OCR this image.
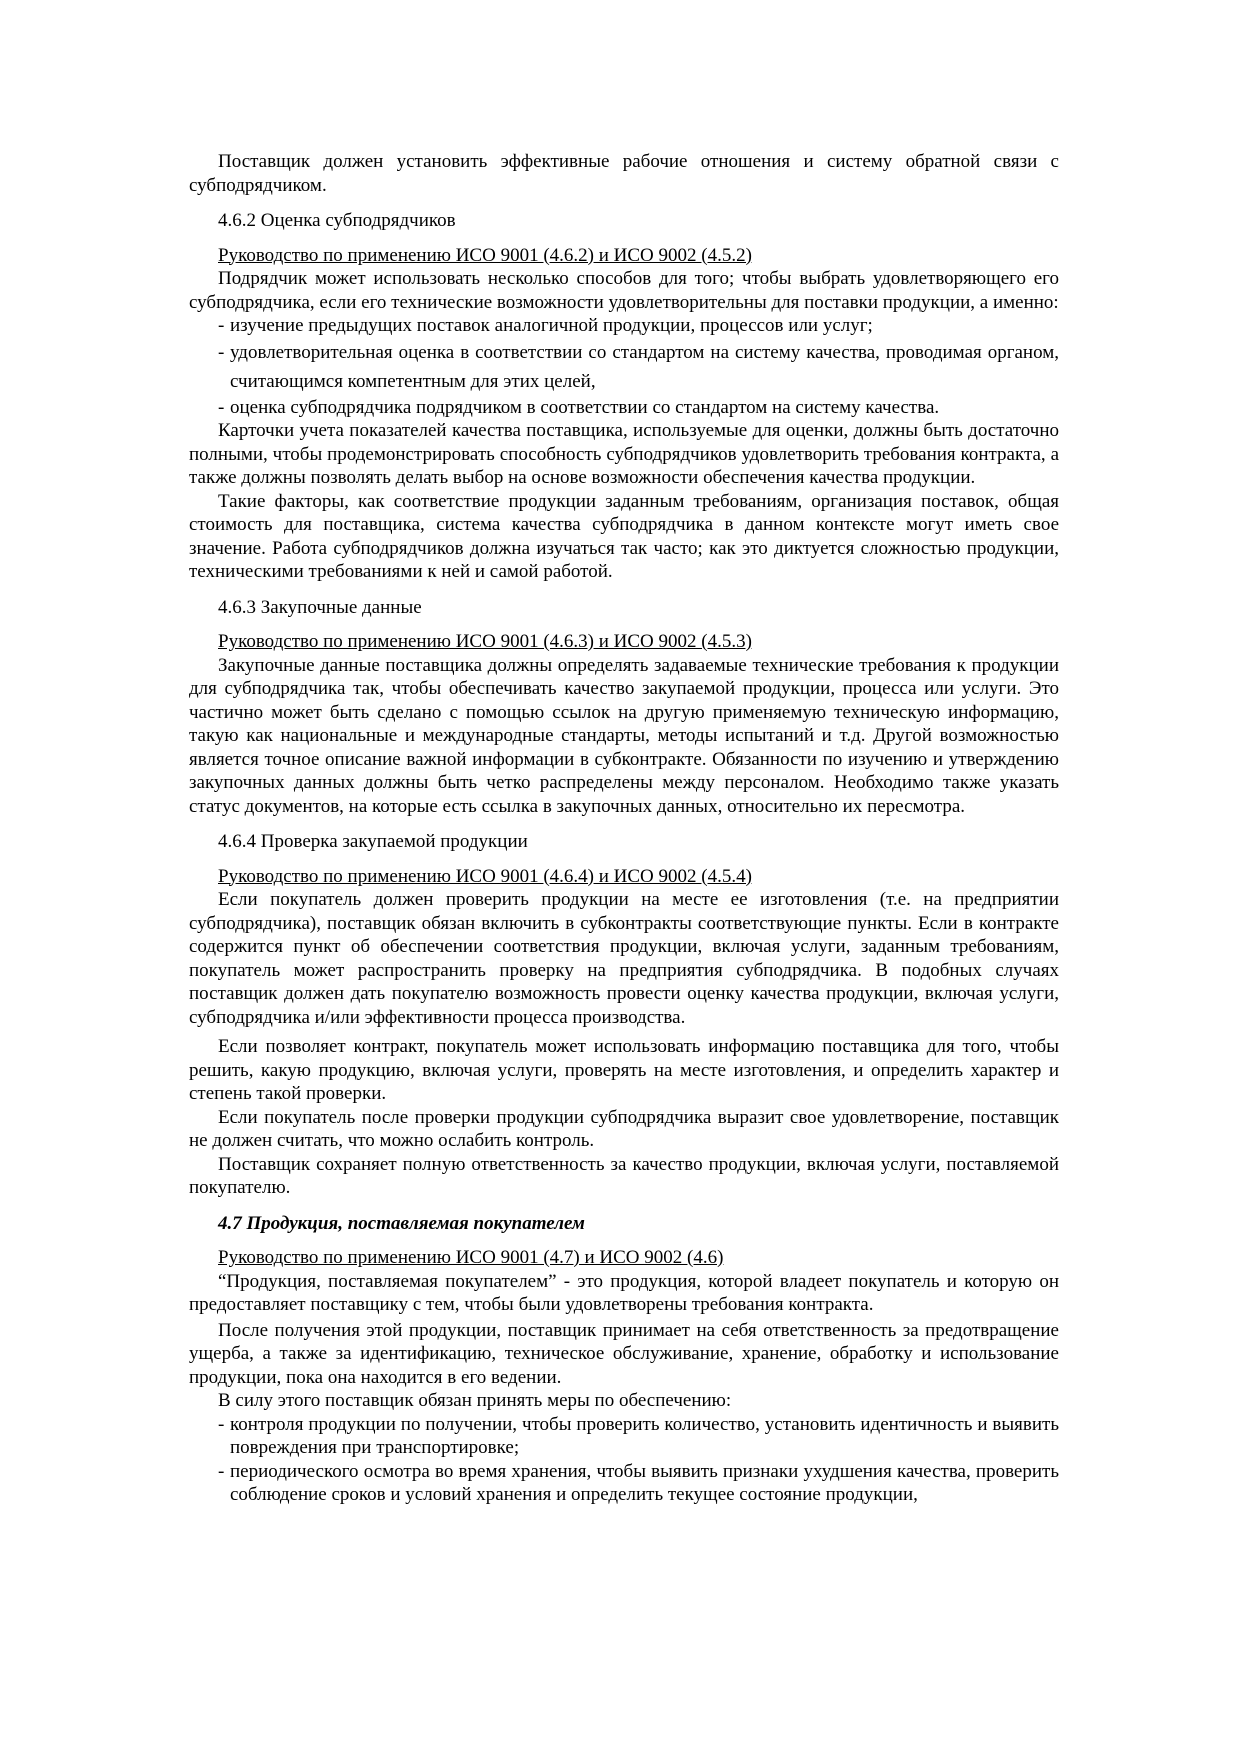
Поставщик должен установить эффективные рабочие отношения и систему обратной связи с субподрядчиком.

4.6.2 Оценка субподрядчиков

Руководство по применению ИСО 9001 (4.6.2) и ИСО 9002 (4.5.2)

Подрядчик может использовать несколько способов для того; чтобы выбрать удовлетворяющего его субподрядчика, если его технические возможности удовлетворительны для поставки продукции, а именно:

- изучение предыдущих поставок аналогичной продукции, процессов или услуг;
- удовлетворительная оценка в соответствии со стандартом на систему качества, проводимая органом, считающимся компетентным для этих целей,
- оценка субподрядчика подрядчиком в соответствии со стандартом на систему качества.

Карточки учета показателей качества поставщика, используемые для оценки, должны быть достаточно полными, чтобы продемонстрировать способность субподрядчиков удовлетворить требования контракта, а также должны позволять делать выбор на основе возможности обеспечения качества продукции.

Такие факторы, как соответствие продукции заданным требованиям, организация поставок, общая стоимость для поставщика, система качества субподрядчика в данном контексте могут иметь свое значение. Работа субподрядчиков должна изучаться так часто; как это диктуется сложностью продукции, техническими требованиями к ней и самой работой.

4.6.3 Закупочные данные

Руководство по применению ИСО 9001 (4.6.3) и ИСО 9002 (4.5.3)

Закупочные данные поставщика должны определять задаваемые технические требования к продукции для субподрядчика так, чтобы обеспечивать качество закупаемой продукции, процесса или услуги. Это частично может быть сделано с помощью ссылок на другую применяемую техническую информацию, такую как национальные и международные стандарты, методы испытаний и т.д. Другой возможностью является точное описание важной информации в субконтракте. Обязанности по изучению и утверждению закупочных данных должны быть четко распределены между персоналом. Необходимо также указать статус документов, на которые есть ссылка в закупочных данных, относительно их пересмотра.

4.6.4 Проверка закупаемой продукции

Руководство по применению ИСО 9001 (4.6.4) и ИСО 9002 (4.5.4)

Если покупатель должен проверить продукции на месте ее изготовления (т.е. на предприятии субподрядчика), поставщик обязан включить в субконтракты соответствующие пункты. Если в контракте содержится пункт об обеспечении соответствия продукции, включая услуги, заданным требованиям, покупатель может распространить проверку на предприятия субподрядчика. В подобных случаях поставщик должен дать покупателю возможность провести оценку качества продукции, включая услуги, субподрядчика и/или эффективности процесса производства.

Если позволяет контракт, покупатель может использовать информацию поставщика для того, чтобы решить, какую продукцию, включая услуги, проверять на месте изготовления, и определить характер и степень такой проверки.

Если покупатель после проверки продукции субподрядчика выразит свое удовлетворение, поставщик не должен считать, что можно ослабить контроль.

Поставщик сохраняет полную ответственность за качество продукции, включая услуги, поставляемой покупателю.

4.7 Продукция, поставляемая покупателем

Руководство по применению ИСО 9001 (4.7) и ИСО 9002 (4.6)

“Продукция, поставляемая покупателем” - это продукция, которой владеет покупатель и которую он предоставляет поставщику с тем, чтобы были удовлетворены требования контракта.

После получения этой продукции, поставщик принимает на себя ответственность за предотвращение ущерба, а также за идентификацию, техническое обслуживание, хранение, обработку и использование продукции, пока она находится в его ведении.

В силу этого поставщик обязан принять меры по обеспечению:

- контроля продукции по получении, чтобы проверить количество, установить идентичность и выявить повреждения при транспортировке;
- периодического осмотра во время хранения, чтобы выявить признаки ухудшения качества, проверить соблюдение сроков и условий хранения и определить текущее состояние продукции,
